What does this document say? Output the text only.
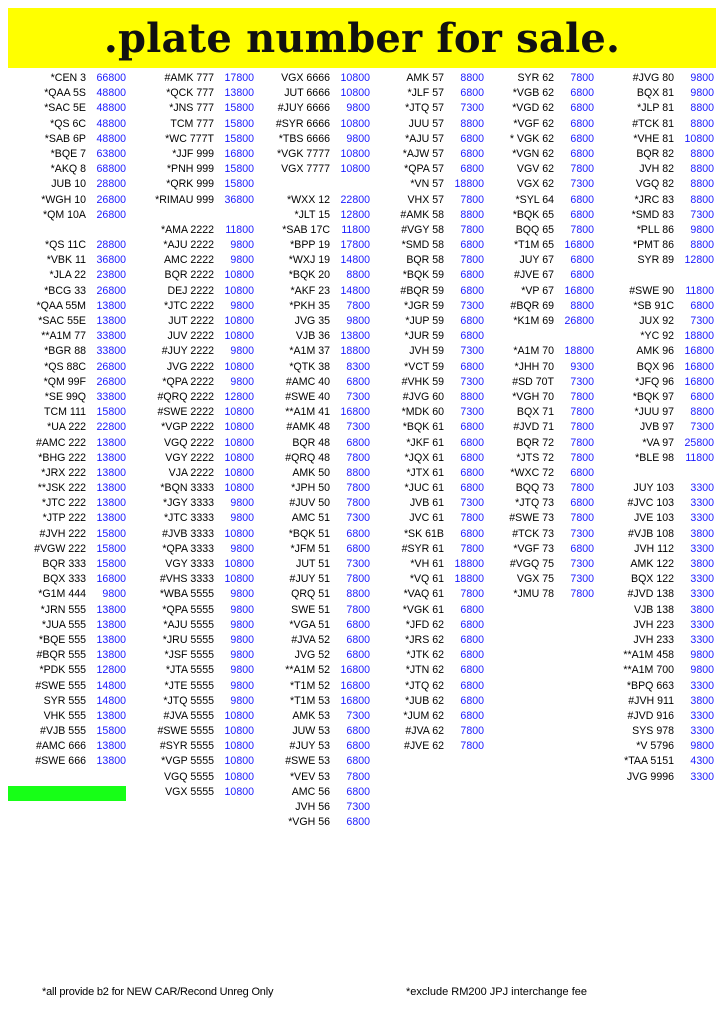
.plate number for sale.
*CEN 3 66800
*QAA 5S 48800
*SAC 5E 48800
*QS 6C 48800
*SAB 6P 48800
*BQE 7 63800
*AKQ 8 68800
JUB 10 28800
*WGH 10 26800
*QM 10A 26800
*QS 11C 28800
*VBK 11 36800
*JLA 22 23800
*BCG 33 26800
*QAA 55M 13800
*SAC 55E 13800
**A1M 77 33800
*BGR 88 33800
*QS 88C 26800
*QM 99F 26800
*SE 99Q 33800
TCM 111 15800
*UA 222 22800
#AMC 222 13800
*BHG 222 13800
*JRX 222 13800
**JSK 222 13800
*JTC 222 13800
*JTP 222 13800
#JVH 222 15800
#VGW 222 15800
BQR 333 15800
BQX 333 16800
*G1M 444	9800
*JRN 555 13800
*JUA 555 13800
*BQE 555 13800
#BQR 555 13800
*PDK 555 12800
#SWE 555 14800
SYR 555 14800
VHK 555 13800
#VJB 555 15800
#AMC 666 13800
#SWE 666 13800
#AMK 777 17800
*QCK 777 13800
*JNS 777 15800
TCM 777 15800
*WC 777T 15800
*JJF 999 16800
*PNH 999 15800
*QRK 999 15800
*RIMAU 999 36800
*AMA 2222	11800
*AJU 2222	9800
AMC 2222	9800
BQR 2222 10800
DEJ 2222 10800
*JTC 2222	9800
JUT 2222 10800
JUV 2222 10800
#JUY 2222	9800
JVG 2222 10800
*QPA 2222	9800
#QRQ 2222 12800
#SWE 2222 10800
*VGP 2222 10800
VGQ 2222 10800
VGY 2222 10800
VJA 2222 10800
*BQN 3333 10800
*JGY 3333	9800
*JTC 3333	9800
#JVB 3333 10800
*QPA 3333	9800
VGY 3333 10800
#VHS 3333 10800
*WBA 5555	9800
*QPA 5555	9800
*AJU 5555	9800
*JRU 5555	9800
*JSF 5555	9800
*JTA 5555	9800
*JTE 5555	9800
*JTQ 5555	9800
#JVA 5555 10800
#SWE 5555 10800
#SYR 5555 10800
*VGP 5555 10800
VGQ 5555 10800
VGX 5555 10800
VGX 6666 10800
JUT 6666 10800
#JUY 6666	9800
#SYR 6666 10800
*TBS 6666	9800
*VGK 7777 10800
VGX 7777 10800
*WXX 12 22800
*JLT 15 12800
*SAB 17C	11800
*BPP 19 17800
*WXJ 19 14800
*BQK 20	8800
*AKF 23 14800
*PKH 35	7800
JVG 35	9800
VJB 36 13800
*A1M 37 18800
*QTK 38	8300
#AMC 40	6800
#SWE 40	7300
**A1M 41 16800
#AMK 48	7300
BQR 48	6800
#QRQ 48	7800
AMK 50	8800
*JPH 50	7800
#JUV 50	7800
AMC 51	7300
*BQK 51	6800
*JFM 51	6800
JUT 51	7300
#JUY 51	7800
QRQ 51	8800
SWE 51	7800
*VGA 51	6800
#JVA 52	6800
JVG 52	6800
**A1M 52 16800
*T1M 52 16800
*T1M 53 16800
AMK 53	7300
JUW 53	6800
#JUY 53	6800
#SWE 53	6800
*VEV 53	7800
AMC 56	6800
JVH 56	7300
*VGH 56	6800
AMK 57	8800
*JLF 57	6800
*JTQ 57	7300
JUU 57	8800
*AJU 57	6800
*AJW 57	6800
*QPA 57	6800
*VN 57 18800
VHX 57	7800
#AMK 58	8800
#VGY 58	7800
*SMD 58	6800
BQR 58	7800
*BQK 59	6800
#BQR 59	6800
*JGR 59	7300
*JUP 59	6800
*JUR 59	6800
JVH 59	7300
*VCT 59	6800
#VHK 59	7300
#JVG 60	8800
*MDK 60	7300
*BQK 61	6800
*JKF 61	6800
*JQX 61	6800
*JTX 61	6800
*JUC 61	6800
JVB 61	7300
JVC 61	7800
*SK 61B	6800
#SYR 61	7800
*VH 61 18800
*VQ 61 18800
*VAQ 61	7800
*VGK 61	6800
*JFD 62	6800
*JRS 62	6800
*JTK 62	6800
*JTN 62	6800
*JTQ 62	6800
*JUB 62	6800
*JUM 62	6800
#JVA 62	7800
#JVE 62	7800
SYR 62	7800
*VGB 62	6800
*VGD 62	6800
*VGF 62	6800
* VGK 62	6800
*VGN 62	6800
VGV 62	7800
VGX 62	7300
*SYL 64	6800
*BQK 65	6800
BQQ 65	7800
*T1M 65 16800
JUY 67	6800
#JVE 67	6800
*VP 67 16800
#BQR 69	8800
*K1M 69 26800
*A1M 70 18800
*JHH 70	9300
#SD 70T	7300
*VGH 70	7800
BQX 71	7800
#JVD 71	7800
BQR 72	7800
*JTS 72	7800
*WXC 72	6800
BQQ 73	7800
*JTQ 73	6800
#SWE 73	7800
#TCK 73	7300
*VGF 73	6800
#VGQ 75	7300
VGX 75	7300
*JMU 78	7800
#JVG 80	9800
BQX 81	9800
*JLP 81	8800
#TCK 81	8800
*VHE 81 10800
BQR 82	8800
JVH 82	8800
VGQ 82	8800
*JRC 83	8800
*SMD 83	7300
*PLL 86	9800
*PMT 86	8800
SYR 89 12800
#SWE 90	11800
*SB 91C	6800
JUX 92	7300
*YC 92 18800
AMK 96 16800
BQX 96 16800
*JFQ 96 16800
*BQK 97	6800
*JUU 97	8800
JVB 97	7300
*VA 97 25800
*BLE 98	11800
JUY 103	3300
#JVC 103	3300
JVE 103	3300
#VJB 108	3800
JVH 112	3300
AMK 122	3800
BQX 122	3300
#JVD 138	3300
VJB 138	3800
JVH 223	3300
JVH 233	3300
**A1M 458	9800
**A1M 700	9800
*BPQ 663	3300
#JVH 911	3800
#JVD 916	3300
SYS 978	3300
*V 5796	9800
*TAA 5151	4300
JVG 9996	3300
*all provide b2 for NEW CAR/Recond Unreg Only	*exclude RM200 JPJ interchange fee
